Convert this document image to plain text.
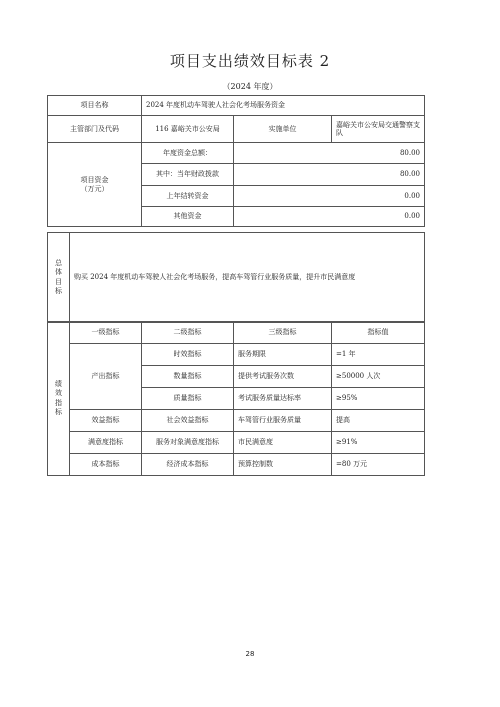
项目支出绩效目标表 2
（2024 年度）
项目名称	2024 年度机动车驾驶人社会化考场服务资金		
主管部门及代码	116 嘉峪关市公安局	实施单位	嘉峪关市公安局交通警察支队

项目资金
（万元）	年度资金总额：	80.00	
	其中：当年财政拨款	80.00	
	上年结转资金	0.00	
	其他资金	0.00	
总
体
目
标
	购买 2024 年度机动车驾驶人社会化考场服务，提高车驾管行业服务质量，提升市民满意度
绩
效
指
标	一级指标	二级指标	三级指标	指标值
	产出指标	时效指标	服务期限	=1 年
		数量指标	提供考试服务次数	≥50000 人次
		质量指标	考试服务质量达标率	≥95%
	效益指标	社会效益指标	车驾管行业服务质量	提高
	满意度指标	服务对象满意度指标	市民满意度	≥91%
	成本指标	经济成本指标	预算控制数	=80 万元
28
